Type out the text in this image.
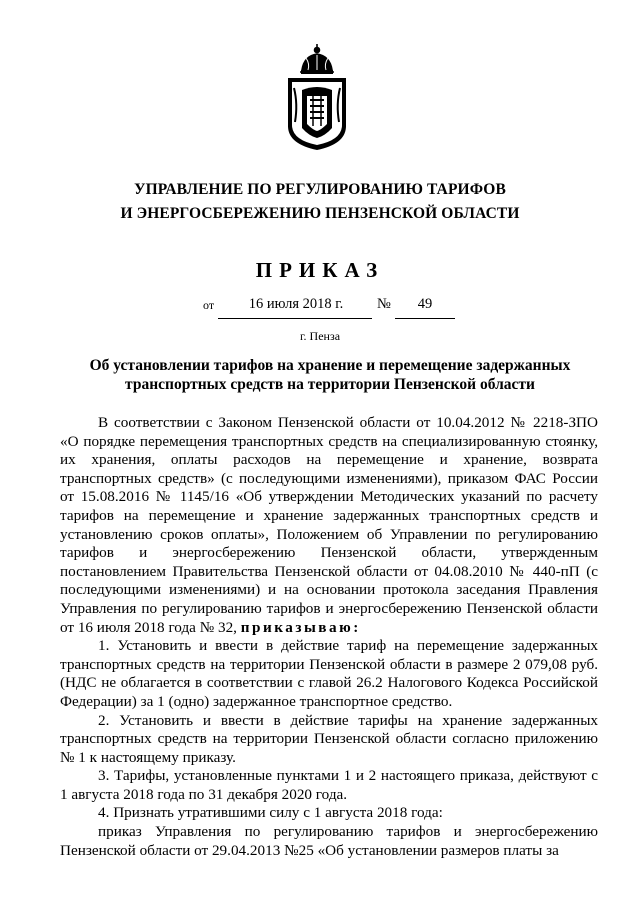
УПРАВЛЕНИЕ ПО РЕГУЛИРОВАНИЮ ТАРИФОВ
И ЭНЕРГОСБЕРЕЖЕНИЮ ПЕНЗЕНСКОЙ ОБЛАСТИ
ПРИКАЗ
от	16 июля 2018 г.	№	49
г. Пенза
Об установлении тарифов на хранение и перемещение задержанных
транспортных средств на территории Пензенской области

В соответствии с Законом Пензенской области от 10.04.2012 № 2218-ЗПО «О порядке перемещения транспортных средств на специализированную стоянку, их хранения, оплаты расходов на перемещение и хранение, возврата транспортных средств» (с последующими изменениями), приказом ФАС России от 15.08.2016 № 1145/16 «Об утверждении Методических указаний по расчету тарифов на перемещение и хранение задержанных транспортных средств и установлению сроков оплаты», Положением об Управлении по регулированию тарифов и энергосбережению Пензенской области, утвержденным постановлением Правительства Пензенской области от 04.08.2010 № 440-пП (с последующими изменениями) и на основании протокола заседания Правления Управления по регулированию тарифов и энергосбережению Пензенской области от 16 июля 2018 года № 32, приказываю:

1. Установить и ввести в действие тариф на перемещение задержанных транспортных средств на территории Пензенской области в размере 2 079,08 руб. (НДС не облагается в соответствии с главой 26.2 Налогового Кодекса Российской Федерации) за 1 (одно) задержанное транспортное средство.

2. Установить и ввести в действие тарифы на хранение задержанных транспортных средств на территории Пензенской области согласно приложению № 1 к настоящему приказу.

3. Тарифы, установленные пунктами 1 и 2 настоящего приказа, действуют с 1 августа 2018 года по 31 декабря 2020 года.

4. Признать утратившими силу с 1 августа 2018 года:

приказ Управления по регулированию тарифов и энергосбережению Пензенской области от 29.04.2013 №25 «Об установлении размеров платы за
